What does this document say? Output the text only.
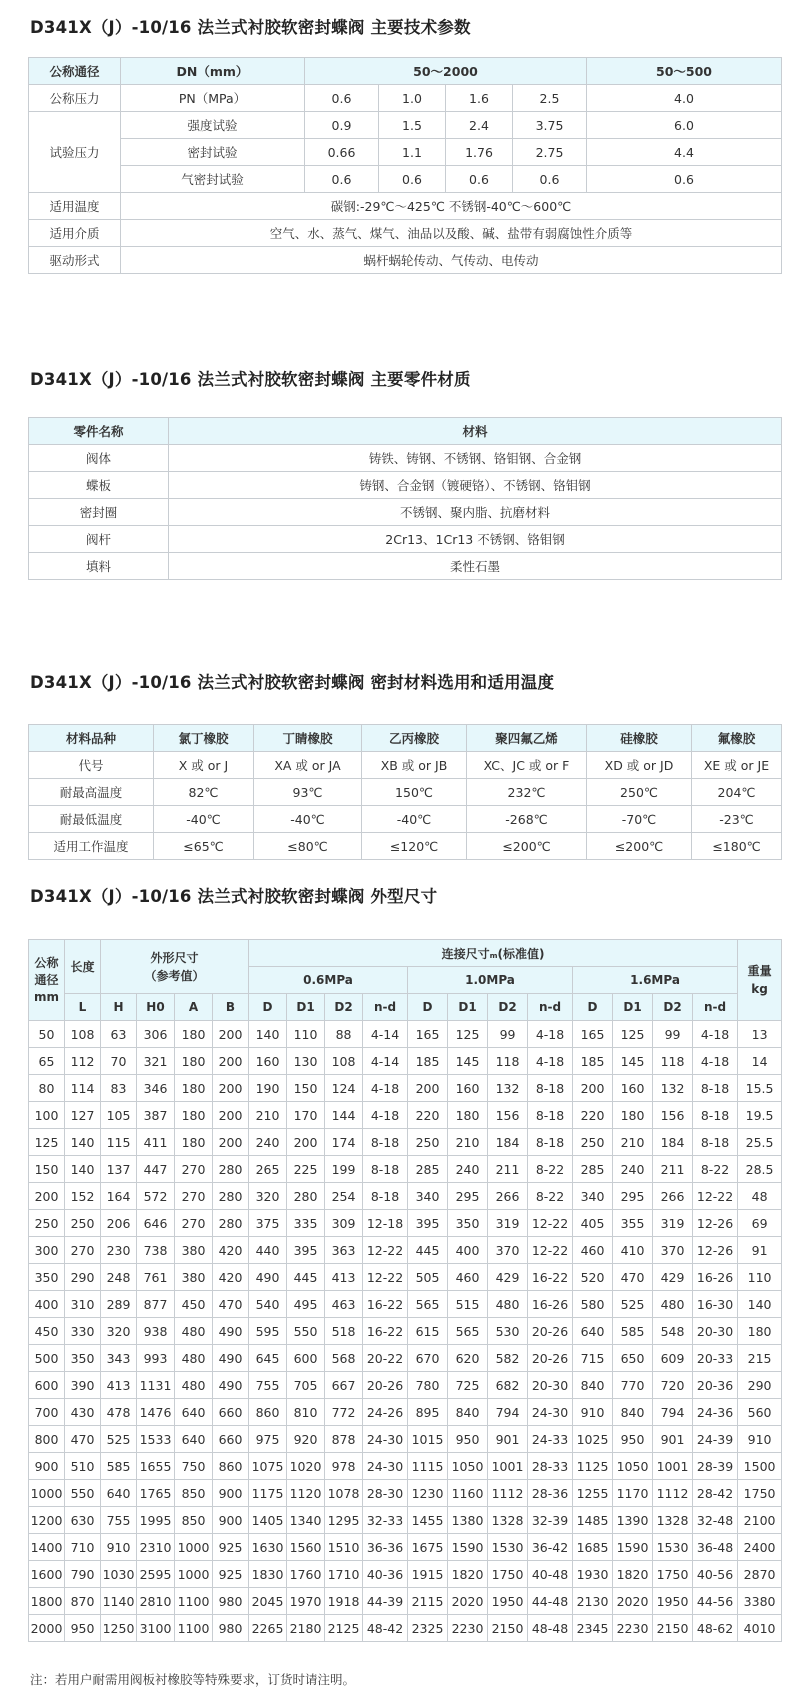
D341X（J）-10/16 法兰式衬胶软密封蝶阀 主要技术参数
公称通径	DN（mm）	50～2000				50～500
公称压力	PN（MPa）	0.6	1.0	1.6	2.5	4.0
试验压力	强度试验	0.9	1.5	2.4	3.75	6.0
	密封试验	0.66	1.1	1.76	2.75	4.4
	气密封试验	0.6	0.6	0.6	0.6	0.6
适用温度	碳钢:-29℃～425℃ 不锈钢-40℃～600℃					
适用介质	空气、水、蒸气、煤气、油品以及酸、碱、盐带有弱腐蚀性介质等					
驱动形式	蜗杆蜗轮传动、气传动、电传动					
D341X（J）-10/16 法兰式衬胶软密封蝶阀 主要零件材质
零件名称	材料
阀体	铸铁、铸钢、不锈钢、铬钼钢、合金钢
蝶板	铸钢、合金钢（镀硬铬）、不锈钢、铬钼钢
密封圈	不锈钢、聚内脂、抗磨材料
阀杆	2Cr13、1Cr13 不锈钢、铬钼钢
填料	柔性石墨
D341X（J）-10/16 法兰式衬胶软密封蝶阀 密封材料选用和适用温度
材料品种	氯丁橡胶	丁睛橡胶	乙丙橡胶	聚四氟乙烯	硅橡胶	氟橡胶
代号	X 或 or J	XA 或 or JA	XB 或 or JB	XC、JC 或 or F	XD 或 or JD	XE 或 or JE
耐最高温度	82℃	93℃	150℃	232℃	250℃	204℃
耐最低温度	-40℃	-40℃	-40℃	-268℃	-70℃	-23℃
适用工作温度	≤65℃	≤80℃	≤120℃	≤200℃	≤200℃	≤180℃
D341X（J）-10/16 法兰式衬胶软密封蝶阀 外型尺寸
公称
通径
mm	长度	外形尺寸
（参考值）				连接尺寸ₘ(标准值)												重量
kg
						0.6MPa				1.0MPa				1.6MPa				
	L	H	H0	A	B	D	D1	D2	n-d	D	D1	D2	n-d	D	D1	D2	n-d	
50	108	63	306	180	200	140	110	88	4-14	165	125	99	4-18	165	125	99	4-18	13
65	112	70	321	180	200	160	130	108	4-14	185	145	118	4-18	185	145	118	4-18	14
80	114	83	346	180	200	190	150	124	4-18	200	160	132	8-18	200	160	132	8-18	15.5
100	127	105	387	180	200	210	170	144	4-18	220	180	156	8-18	220	180	156	8-18	19.5
125	140	115	411	180	200	240	200	174	8-18	250	210	184	8-18	250	210	184	8-18	25.5
150	140	137	447	270	280	265	225	199	8-18	285	240	211	8-22	285	240	211	8-22	28.5
200	152	164	572	270	280	320	280	254	8-18	340	295	266	8-22	340	295	266	12-22	48
250	250	206	646	270	280	375	335	309	12-18	395	350	319	12-22	405	355	319	12-26	69
300	270	230	738	380	420	440	395	363	12-22	445	400	370	12-22	460	410	370	12-26	91
350	290	248	761	380	420	490	445	413	12-22	505	460	429	16-22	520	470	429	16-26	110
400	310	289	877	450	470	540	495	463	16-22	565	515	480	16-26	580	525	480	16-30	140
450	330	320	938	480	490	595	550	518	16-22	615	565	530	20-26	640	585	548	20-30	180
500	350	343	993	480	490	645	600	568	20-22	670	620	582	20-26	715	650	609	20-33	215
600	390	413	1131	480	490	755	705	667	20-26	780	725	682	20-30	840	770	720	20-36	290
700	430	478	1476	640	660	860	810	772	24-26	895	840	794	24-30	910	840	794	24-36	560
800	470	525	1533	640	660	975	920	878	24-30	1015	950	901	24-33	1025	950	901	24-39	910
900	510	585	1655	750	860	1075	1020	978	24-30	1115	1050	1001	28-33	1125	1050	1001	28-39	1500
1000	550	640	1765	850	900	1175	1120	1078	28-30	1230	1160	1112	28-36	1255	1170	1112	28-42	1750
1200	630	755	1995	850	900	1405	1340	1295	32-33	1455	1380	1328	32-39	1485	1390	1328	32-48	2100
1400	710	910	2310	1000	925	1630	1560	1510	36-36	1675	1590	1530	36-42	1685	1590	1530	36-48	2400
1600	790	1030	2595	1000	925	1830	1760	1710	40-36	1915	1820	1750	40-48	1930	1820	1750	40-56	2870
1800	870	1140	2810	1100	980	2045	1970	1918	44-39	2115	2020	1950	44-48	2130	2020	1950	44-56	3380
2000	950	1250	3100	1100	980	2265	2180	2125	48-42	2325	2230	2150	48-48	2345	2230	2150	48-62	4010
注：若用户耐需用阀板衬橡胶等特殊要求，订货时请注明。
